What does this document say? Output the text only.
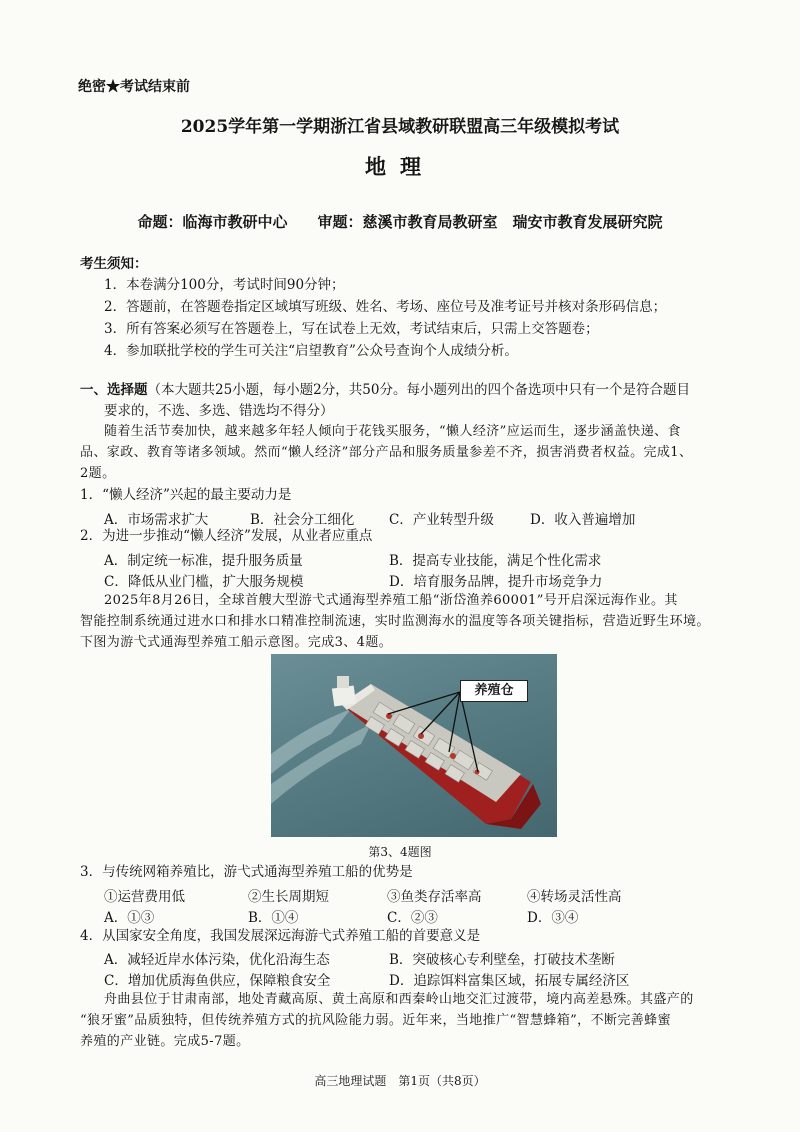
绝密★考试结束前
2025学年第一学期浙江省县域教研联盟高三年级模拟考试
地理
命题：临海市教研中心　　审题：慈溪市教育局教研室　瑞安市教育发展研究院
考生须知：
1．本卷满分100分，考试时间90分钟；
2．答题前，在答题卷指定区域填写班级、姓名、考场、座位号及准考证号并核对条形码信息；
3．所有答案必须写在答题卷上，写在试卷上无效，考试结束后，只需上交答题卷；
4．参加联批学校的学生可关注“启望教育”公众号查询个人成绩分析。
一、选择题（本大题共25小题，每小题2分，共50分。每小题列出的四个备选项中只有一个是符合题目
要求的，不选、多选、错选均不得分）
随着生活节奏加快，越来越多年轻人倾向于花钱买服务，“懒人经济”应运而生，逐步涵盖快递、食
品、家政、教育等诸多领域。然而“懒人经济”部分产品和服务质量参差不齐，损害消费者权益。完成1、
2题。
1．“懒人经济”兴起的最主要动力是
A．市场需求扩大	B．社会分工细化	C．产业转型升级	D．收入普遍增加
2．为进一步推动“懒人经济”发展，从业者应重点
A．制定统一标准，提升服务质量	B．提高专业技能，满足个性化需求
C．降低从业门槛，扩大服务规模	D．培育服务品牌，提升市场竞争力
2025年8月26日，全球首艘大型游弋式通海型养殖工船“浙岱渔养60001”号开启深远海作业。其
智能控制系统通过进水口和排水口精准控制流速，实时监测海水的温度等各项关键指标，营造近野生环境。
下图为游弋式通海型养殖工船示意图。完成3、4题。
养殖仓
第3、4题图
3．与传统网箱养殖比，游弋式通海型养殖工船的优势是
①运营费用低	②生长周期短	③鱼类存活率高	④转场灵活性高
A．①③	B．①④	C．②③	D．③④
4．从国家安全角度，我国发展深远海游弋式养殖工船的首要意义是
A．减轻近岸水体污染，优化沿海生态	B．突破核心专利壁垒，打破技术垄断
C．增加优质海鱼供应，保障粮食安全	D．追踪饵料富集区域，拓展专属经济区
舟曲县位于甘肃南部，地处青藏高原、黄土高原和西秦岭山地交汇过渡带，境内高差悬殊。其盛产的
“狼牙蜜”品质独特，但传统养殖方式的抗风险能力弱。近年来，当地推广“智慧蜂箱”，不断完善蜂蜜
养殖的产业链。完成5-7题。
高三地理试题　第1页（共8页）
